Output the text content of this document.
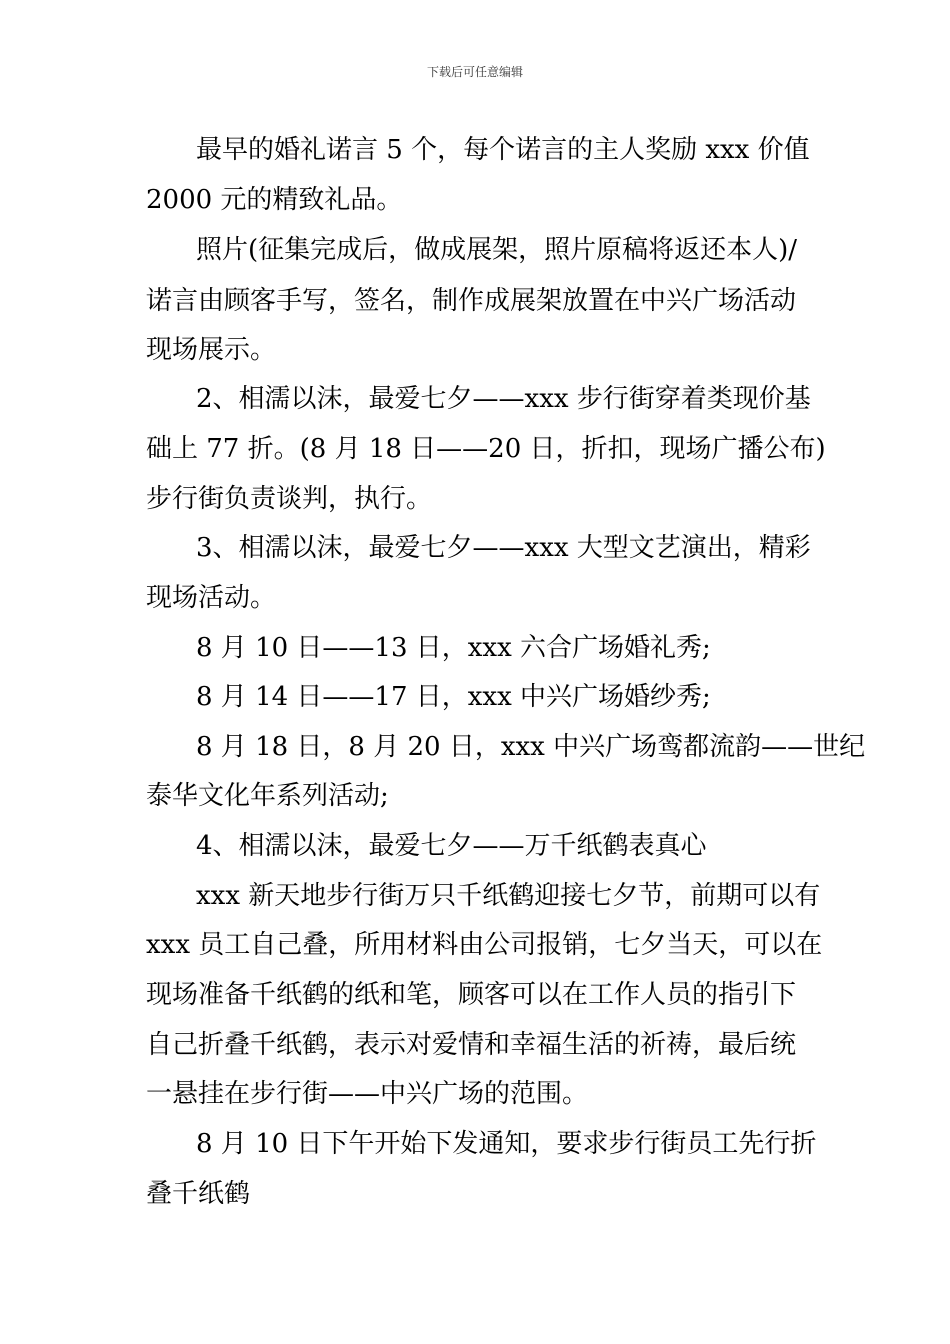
下载后可任意编辑
最早的婚礼诺言 5 个，每个诺言的主人奖励 xxx 价值
2000 元的精致礼品。
照片(征集完成后，做成展架，照片原稿将返还本人)/
诺言由顾客手写，签名，制作成展架放置在中兴广场活动
现场展示。
2、相濡以沫，最爱七夕——xxx 步行街穿着类现价基
础上 77 折。(8 月 18 日——20 日，折扣，现场广播公布)
步行街负责谈判，执行。
3、相濡以沫，最爱七夕——xxx 大型文艺演出，精彩
现场活动。
8 月 10 日——13 日，xxx 六合广场婚礼秀;
8 月 14 日——17 日，xxx 中兴广场婚纱秀;
8 月 18 日，8 月 20 日，xxx 中兴广场鸾都流韵——世纪
泰华文化年系列活动;
4、相濡以沫，最爱七夕——万千纸鹤表真心
xxx 新天地步行街万只千纸鹤迎接七夕节，前期可以有
xxx 员工自己叠，所用材料由公司报销，七夕当天，可以在
现场准备千纸鹤的纸和笔，顾客可以在工作人员的指引下
自己折叠千纸鹤，表示对爱情和幸福生活的祈祷，最后统
一悬挂在步行街——中兴广场的范围。
8 月 10 日下午开始下发通知，要求步行街员工先行折
叠千纸鹤
